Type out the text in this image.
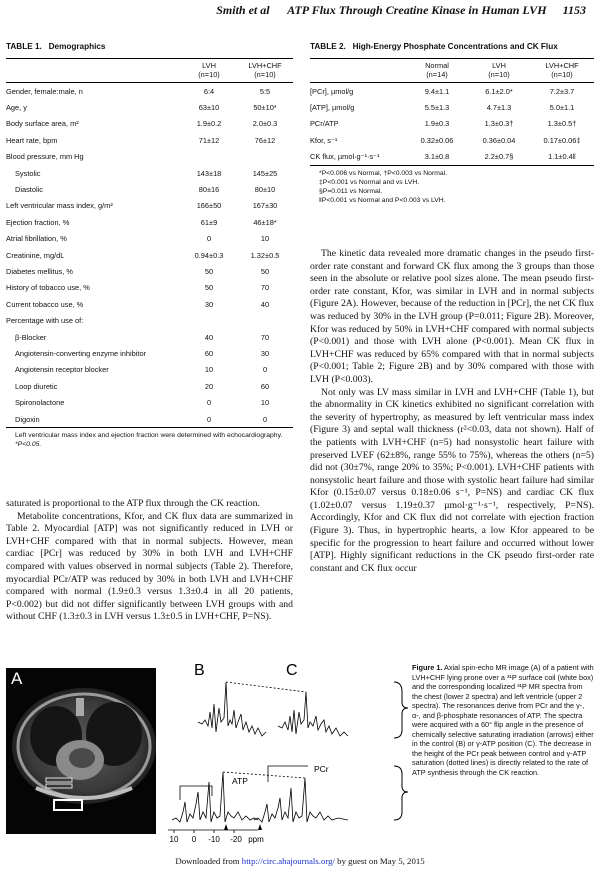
Smith et al      ATP Flux Through Creatine Kinase in Human LVH 1153
TABLE 1.   Demographics
	LVH
(n=10)	LVH+CHF
(n=10)
Gender, female:male, n	6:4	5:5
Age, y	63±10	50±10*
Body surface area, m²	1.9±0.2	2.0±0.3
Heart rate, bpm	71±12	76±12
Blood pressure, mm Hg		
Systolic	143±18	145±25
Diastolic	80±16	80±10
Left ventricular mass index, g/m²	166±50	167±30
Ejection fraction, %	61±9	46±18*
Atrial fibrillation, %	0	10
Creatinine, mg/dL	0.94±0.3	1.32±0.5
Diabetes mellitus, %	50	50
History of tobacco use, %	50	70
Current tobacco use, %	30	40
Percentage with use of:		
β-Blocker	40	70
Angiotensin-converting enzyme inhibitor	60	30
Angiotensin receptor blocker	10	0
Loop diuretic	20	60
Spironolactone	0	10
Digoxin	0	0
Left ventricular mass index and ejection fraction were determined with echocardiography.
*P<0.05.
TABLE 2.   High-Energy Phosphate Concentrations and CK Flux
	Normal
(n=14)	LVH
(n=10)	LVH+CHF
(n=10)
[PCr], µmol/g	9.4±1.1	6.1±2.0*	7.2±3.7
[ATP], µmol/g	5.5±1.3	4.7±1.3	5.0±1.1
PCr/ATP	1.9±0.3	1.3±0.3†	1.3±0.5†
Kfor, s⁻¹	0.32±0.06	0.36±0.04	0.17±0.06‡
CK flux, µmol·g⁻¹·s⁻¹	3.1±0.8	2.2±0.7§	1.1±0.4‖
*P<0.006 vs Normal, †P<0.003 vs Normal.
‡P<0.001 vs Normal and vs LVH.
§P=0.011 vs Normal.
‖P<0.001 vs Normal and P<0.003 vs LVH.

saturated is proportional to the ATP flux through the CK reaction.

Metabolite concentrations, Kfor, and CK flux data are summarized in Table 2. Myocardial [ATP] was not significantly reduced in LVH or LVH+CHF compared with that in normal subjects. However, mean cardiac [PCr] was reduced by 30% in both LVH and LVH+CHF compared with values observed in normal subjects (Table 2). Therefore, myocardial PCr/ATP was reduced by 30% in both LVH and LVH+CHF compared with normal (1.9±0.3 versus 1.3±0.4 in all 20 patients, P<0.002) but did not differ significantly between LVH groups with and without CHF (1.3±0.3 in LVH versus 1.3±0.5 in LVH+CHF, P=NS).

The kinetic data revealed more dramatic changes in the pseudo first-order rate constant and forward CK flux among the 3 groups than those seen in the absolute or relative pool sizes alone. The mean pseudo first-order rate constant, Kfor, was similar in LVH and in normal subjects (Figure 2A). However, because of the reduction in [PCr], the net CK flux was reduced by 30% in the LVH group (P=0.011; Figure 2B). Moreover, Kfor was reduced by 50% in LVH+CHF compared with normal subjects (P<0.001) and those with LVH alone (P<0.001). Mean CK flux in LVH+CHF was reduced by 65% compared with that in normal subjects (P<0.001; Table 2; Figure 2B) and by 30% compared with those with LVH (P<0.003).

Not only was LV mass similar in LVH and LVH+CHF (Table 1), but the abnormality in CK kinetics exhibited no significant correlation with the severity of hypertrophy, as measured by left ventricular mass index (Figure 3) and septal wall thickness (r²<0.03, data not shown). Half of the patients with LVH+CHF (n=5) had nonsystolic heart failure with preserved LVEF (62±8%, range 55% to 75%), whereas the others (n=5) did not (30±7%, range 20% to 35%; P<0.001). LVH+CHF patients with nonsystolic heart failure and those with systolic heart failure had similar Kfor (0.15±0.07 versus 0.18±0.06 s⁻¹, P=NS) and cardiac CK flux (1.02±0.07 versus 1.19±0.37 µmol·g⁻¹·s⁻¹, respectively, P=NS). Accordingly, Kfor and CK flux did not correlate with ejection fraction (Figure 3). Thus, in hypertrophic hearts, a low Kfor appeared to be specific for the progression to heart failure and occurred without lower [ATP]. Highly significant reductions in the CK pseudo first-order rate constant and CK flux occur

A
10 0 -10 -20 ppm
B	C
ATP
PCr
Figure 1. Axial spin-echo MR image (A) of a patient with LVH+CHF lying prone over a ³¹P surface coil (white box) and the corresponding localized ³¹P MR spectra from the chest (lower 2 spectra) and left ventricle (upper 2 spectra). The resonances derive from PCr and the γ-, α-, and β-phosphate resonances of ATP. The spectra were acquired with a 60° flip angle in the presence of chemically selective saturating irradiation (arrows) either in the control (B) or γ-ATP position (C). The decrease in the height of the PCr peak between control and γ-ATP saturation (dotted lines) is directly related to the rate of ATP synthesis through the CK reaction.
Downloaded from http://circ.ahajournals.org/ by guest on May 5, 2015
